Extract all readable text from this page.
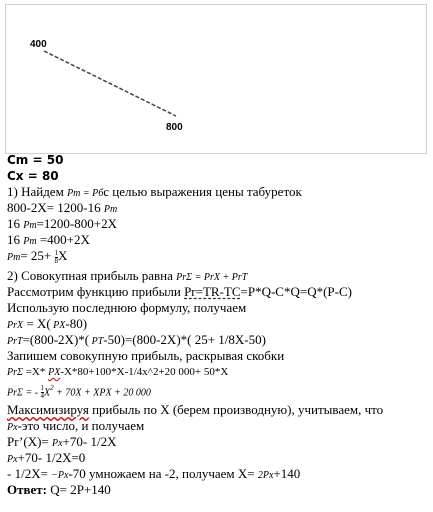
400
800
Cm = 50
Cx = 80
1) Найдем Pт = Pбс целью выражения цены табуреток
800-2X= 1200-16 Pт
16 Pт=1200-800+2X
16 Pт =400+2X
$Pт= 25+ \frac{1}{8}$ X
2) Совокупная прибыль равна PrΣ = PrX + PrT
Рассмотрим функцию прибыли Pr=TR-TC=P*Q-C*Q=Q*(P-C)
Использую последнюю формулу, получаем
PrX = X( PX-80)
PrT=(800-2X)*( PT-50)=(800-2X)*( 25+ 1/8X-50)
Запишем совокупную прибыль, раскрывая скобки
PrΣ =X* PX-X*80+100*X-1/4x^2+20 000+ 50*X
PrΣ = - $\frac{1}{4} X^2 + 70X$ + XPX + 20 000
Максимизируя прибыль по X (берем производную), учитываем, что
Px-это число, и получаем
Pr’(X)= Px+70- 1/2X
Px+70- 1/2X=0
- 1/2X= −Px-70 умножаем на -2, получаем X= 2Px+140
Ответ: Q= 2P+140
